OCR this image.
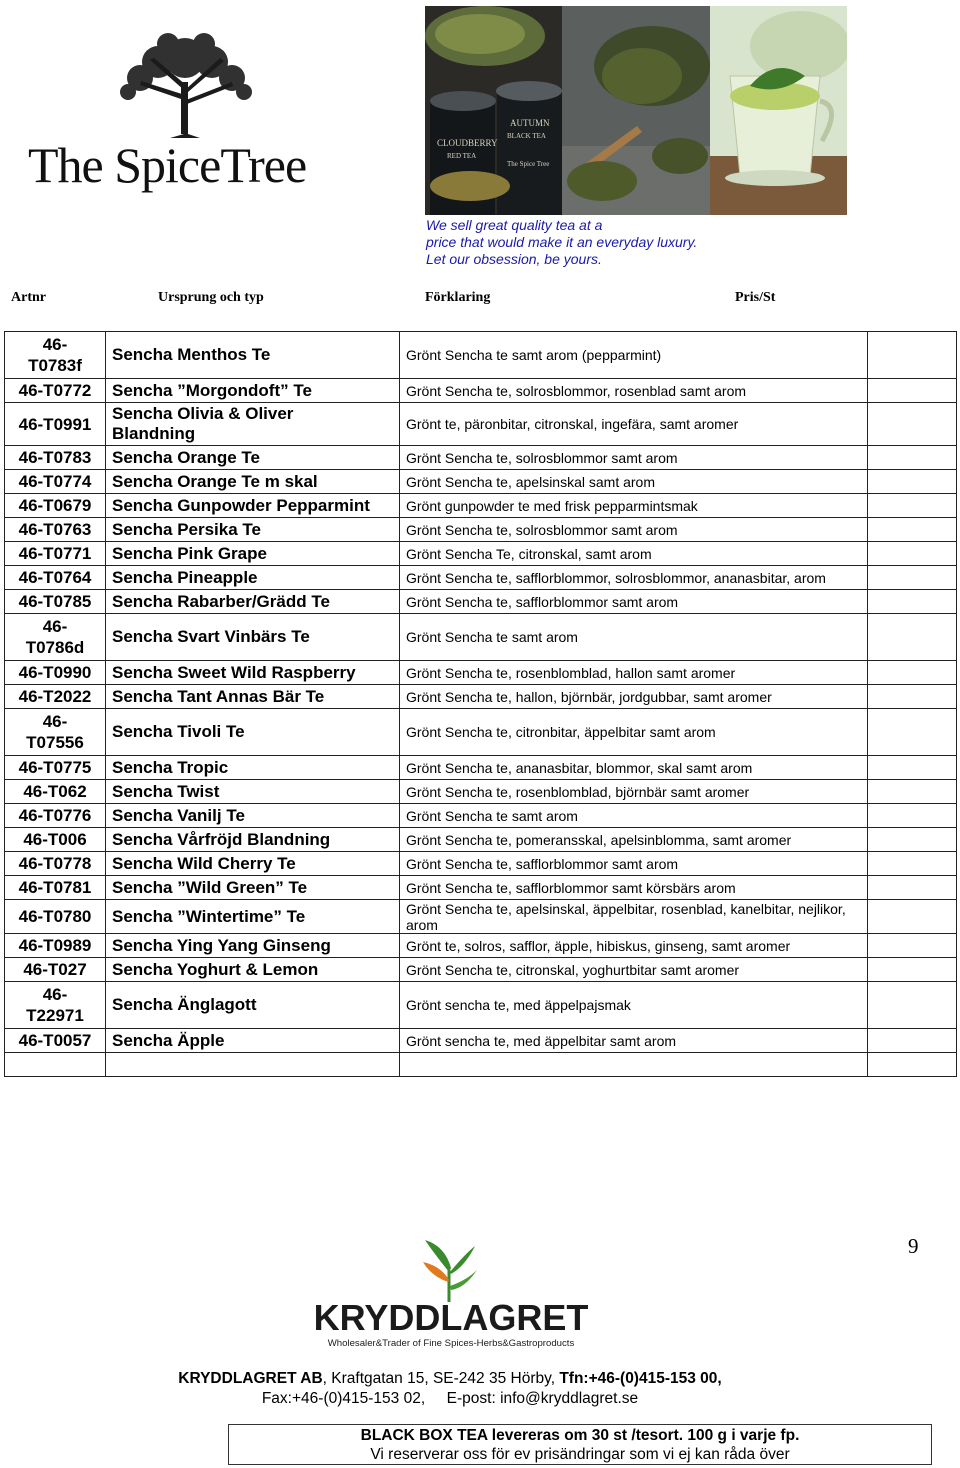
The SpiceTree	CLOUDBERRY
RED TEA
AUTUMN
BLACK TEA
The Spice Tree
We sell great quality tea at a
price that would make it an everyday luxury.
Let our obsession, be yours.
Artnr	Ursprung och typ	Förklaring	Pris/St
46-
T0783f	Sencha Menthos Te	Grönt Sencha te samt arom (pepparmint)	
46-T0772	Sencha ”Morgondoft” Te	Grönt Sencha te, solrosblommor, rosenblad samt arom	
46-T0991	Sencha Olivia & Oliver
Blandning	Grönt te, päronbitar, citronskal, ingefära, samt aromer	
46-T0783	Sencha Orange Te	Grönt Sencha te, solrosblommor samt arom	
46-T0774	Sencha Orange Te m skal	Grönt Sencha te, apelsinskal samt arom	
46-T0679	Sencha Gunpowder Pepparmint	Grönt gunpowder te med frisk pepparmintsmak	
46-T0763	Sencha Persika Te	Grönt Sencha te, solrosblommor samt arom	
46-T0771	Sencha Pink Grape	Grönt Sencha Te, citronskal, samt arom	
46-T0764	Sencha Pineapple	Grönt Sencha te, safflorblommor, solrosblommor, ananasbitar, arom	
46-T0785	Sencha Rabarber/Grädd Te	Grönt Sencha te, safflorblommor samt arom	
46-
T0786d	Sencha Svart Vinbärs Te	Grönt Sencha te samt arom	
46-T0990	Sencha Sweet Wild Raspberry	Grönt Sencha te, rosenblomblad, hallon samt aromer	
46-T2022	Sencha Tant Annas Bär Te	Grönt Sencha te, hallon, björnbär, jordgubbar, samt aromer	
46-
T07556	Sencha Tivoli Te	Grönt Sencha te, citronbitar, äppelbitar samt arom	
46-T0775	Sencha Tropic	Grönt Sencha te, ananasbitar, blommor, skal samt arom	
46-T062	Sencha Twist	Grönt Sencha te, rosenblomblad, björnbär samt aromer	
46-T0776	Sencha Vanilj Te	Grönt Sencha te samt arom	
46-T006	Sencha Vårfröjd Blandning	Grönt Sencha te, pomeransskal, apelsinblomma, samt aromer	
46-T0778	Sencha Wild Cherry Te	Grönt Sencha te, safflorblommor samt arom	
46-T0781	Sencha ”Wild Green” Te	Grönt Sencha te, safflorblommor samt körsbärs arom	
46-T0780	Sencha ”Wintertime” Te	Grönt Sencha te, apelsinskal, äppelbitar, rosenblad, kanelbitar, nejlikor, arom	
46-T0989	Sencha Ying Yang Ginseng	Grönt te, solros, safflor, äpple, hibiskus, ginseng, samt aromer	
46-T027	Sencha Yoghurt & Lemon	Grönt Sencha te, citronskal, yoghurtbitar samt aromer	
46-
T22971	Sencha Änglagott	Grönt sencha te, med äppelpajsmak	
46-T0057	Sencha Äpple	Grönt sencha te, med äppelbitar samt arom	

9
KRYDDLAGRET
Wholesaler&Trader of Fine Spices-Herbs&Gastroproducts
KRYDDLAGRET AB, Kraftgatan 15, SE-242 35 Hörby, Tfn:+46-(0)415-153 00,
Fax:+46-(0)415-153 02,     E-post: info@kryddlagret.se
BLACK BOX TEA levereras om 30 st /tesort. 100 g i varje fp.
Vi reserverar oss för ev prisändringar som vi ej kan råda över
